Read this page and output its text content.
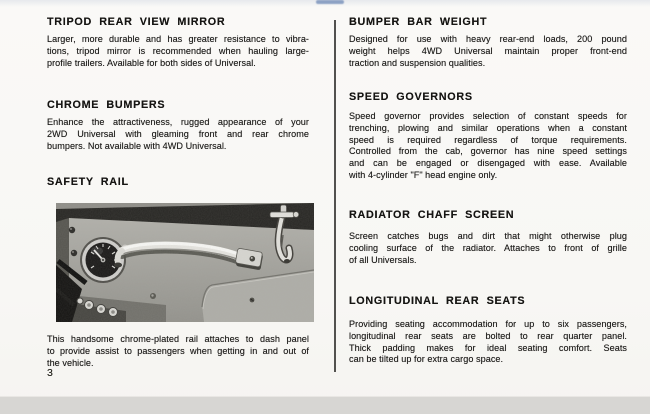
TRIPOD REAR VIEW MIRROR
Larger, more durable and has greater resistance to vibra-
tions, tripod mirror is recommended when hauling large-
profile trailers. Available for both sides of Universal.
CHROME BUMPERS
Enhance the attractiveness, rugged appearance of your
2WD Universal with gleaming front and rear chrome
bumpers. Not available with 4WD Universal.
SAFETY RAIL
This handsome chrome-plated rail attaches to dash panel
to provide assist to passengers when getting in and out of
the vehicle.
3
BUMPER BAR WEIGHT
Designed for use with heavy rear-end loads, 200 pound
weight helps 4WD Universal maintain proper front-end
traction and suspension qualities.
SPEED GOVERNORS
Speed governor provides selection of constant speeds for
trenching, plowing and similar operations when a constant
speed is required regardless of torque requirements.
Controlled from the cab, governor has nine speed settings
and can be engaged or disengaged with ease. Available
with 4-cylinder "F" head engine only.
RADIATOR CHAFF SCREEN
Screen catches bugs and dirt that might otherwise plug
cooling surface of the radiator. Attaches to front of grille
of all Universals.
LONGITUDINAL REAR SEATS
Providing seating accommodation for up to six passengers,
longitudinal rear seats are bolted to rear quarter panel.
Thick padding makes for ideal seating comfort. Seats
can be tilted up for extra cargo space.
